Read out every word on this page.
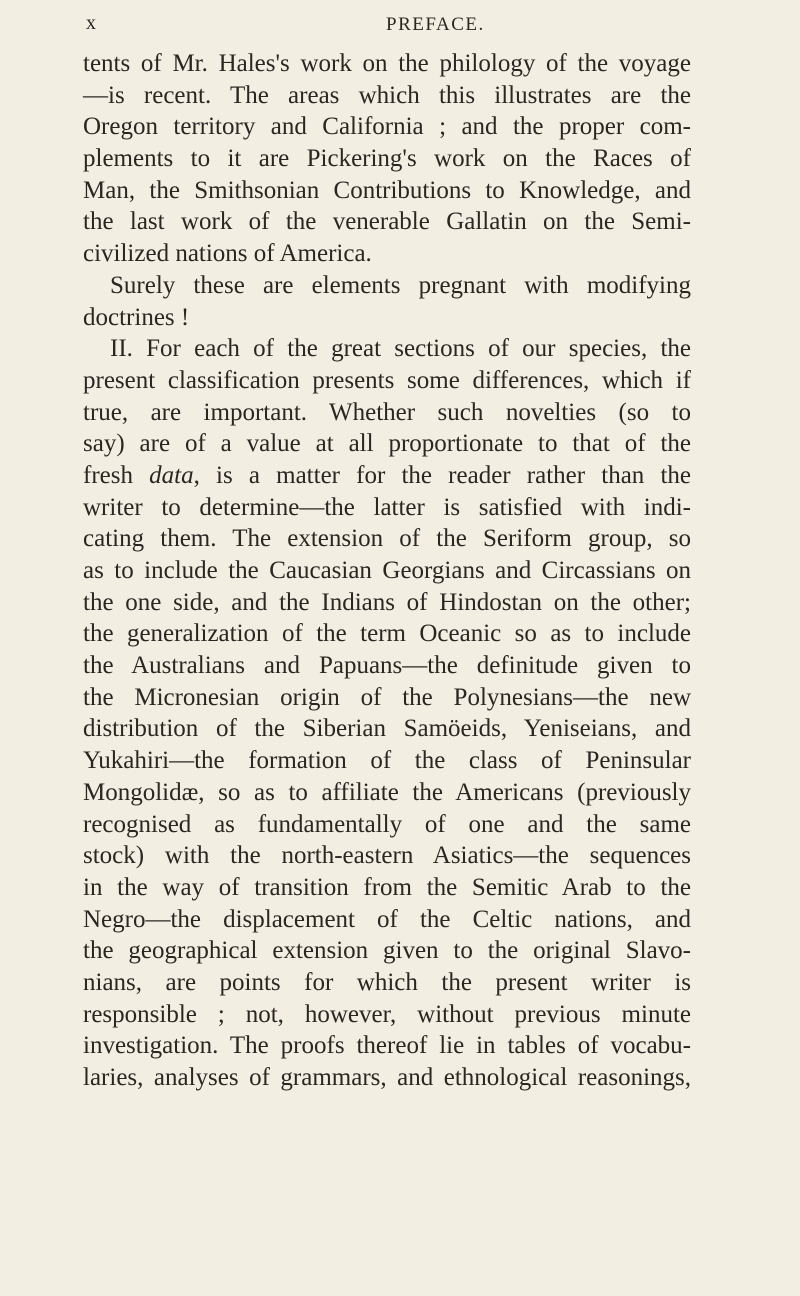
x	PREFACE.
tents of Mr. Hales's work on the philology of the voyage
—is recent. The areas which this illustrates are the
Oregon territory and California ; and the proper com-
plements to it are Pickering's work on the Races of
Man, the Smithsonian Contributions to Knowledge, and
the last work of the venerable Gallatin on the Semi-
civilized nations of America.
Surely these are elements pregnant with modifying
doctrines !
II. For each of the great sections of our species, the
present classification presents some differences, which if
true, are important. Whether such novelties (so to
say) are of a value at all proportionate to that of the
fresh data, is a matter for the reader rather than the
writer to determine—the latter is satisfied with indi-
cating them. The extension of the Seriform group, so
as to include the Caucasian Georgians and Circassians on
the one side, and the Indians of Hindostan on the other;
the generalization of the term Oceanic so as to include
the Australians and Papuans—the definitude given to
the Micronesian origin of the Polynesians—the new
distribution of the Siberian Samöeids, Yeniseians, and
Yukahiri—the formation of the class of Peninsular
Mongolidæ, so as to affiliate the Americans (previously
recognised as fundamentally of one and the same
stock) with the north-eastern Asiatics—the sequences
in the way of transition from the Semitic Arab to the
Negro—the displacement of the Celtic nations, and
the geographical extension given to the original Slavo-
nians, are points for which the present writer is
responsible ; not, however, without previous minute
investigation. The proofs thereof lie in tables of vocabu-
laries, analyses of grammars, and ethnological reasonings,
